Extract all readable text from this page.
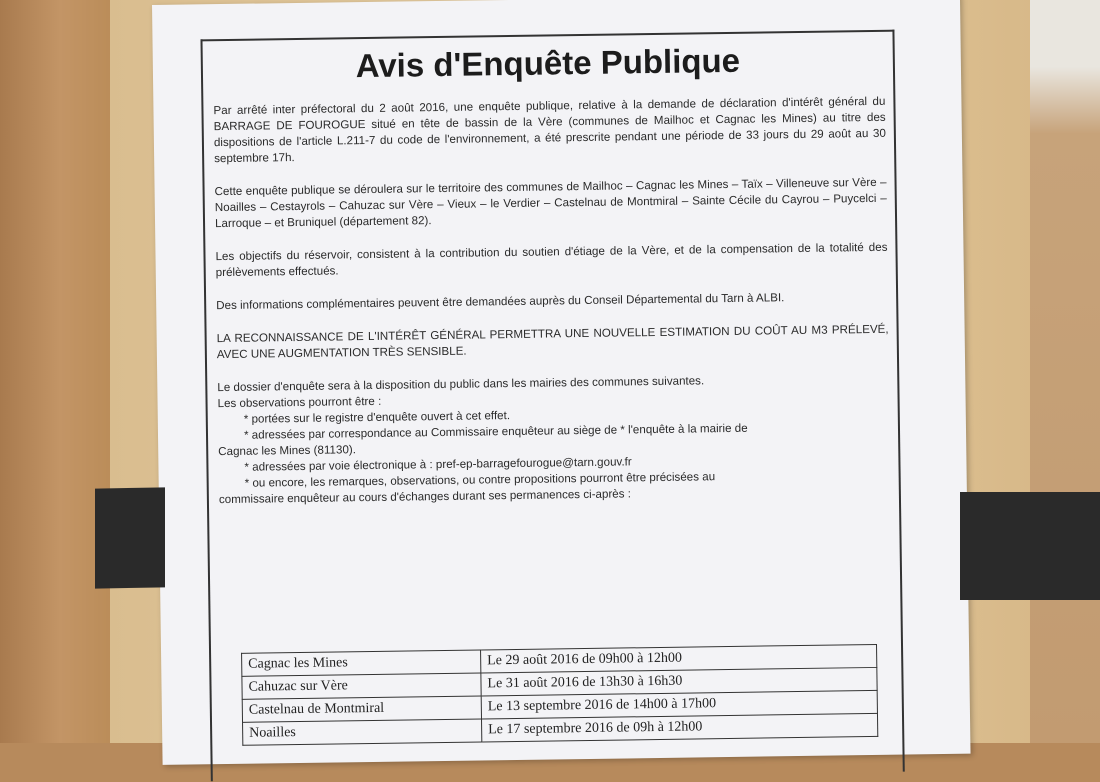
Avis d'Enquête Publique

Par arrêté inter préfectoral du 2 août 2016, une enquête publique, relative à la demande de déclaration d'intérêt général du BARRAGE DE FOUROGUE situé en tête de bassin de la Vère (communes de Mailhoc et Cagnac les Mines) au titre des dispositions de l'article L.211-7 du code de l'environnement, a été prescrite pendant une période de 33 jours du 29 août au 30 septembre 17h.

Cette enquête publique se déroulera sur le territoire des communes de Mailhoc – Cagnac les Mines – Taïx – Villeneuve sur Vère – Noailles – Cestayrols – Cahuzac sur Vère – Vieux – le Verdier – Castelnau de Montmiral – Sainte Cécile du Cayrou – Puycelci – Larroque – et Bruniquel (département 82).

Les objectifs du réservoir, consistent à la contribution du soutien d'étiage de la Vère, et de la compensation de la totalité des prélèvements effectués.

Des informations complémentaires peuvent être demandées auprès du Conseil Départemental du Tarn à ALBI.

LA RECONNAISSANCE DE L'INTÉRÊT GÉNÉRAL PERMETTRA UNE NOUVELLE ESTIMATION DU COÛT AU M3 PRÉLEVÉ, AVEC UNE AUGMENTATION TRÈS SENSIBLE.

Le dossier d'enquête sera à la disposition du public dans les mairies des communes suivantes.
Les observations pourront être :
* portées sur le registre d'enquête ouvert à cet effet.
* adressées par correspondance au Commissaire enquêteur au siège de * l'enquête à la mairie de
Cagnac les Mines (81130).
* adressées par voie électronique à : pref-ep-barragefourogue@tarn.gouv.fr
* ou encore, les remarques, observations, ou contre propositions pourront être précisées au
commissaire enquêteur au cours d'échanges durant ses permanences ci-après :
Cagnac les Mines	Le 29 août 2016 de 09h00 à 12h00
Cahuzac sur Vère	Le 31 août 2016 de 13h30 à 16h30
Castelnau de Montmiral	Le 13 septembre 2016 de 14h00 à 17h00
Noailles	Le 17 septembre 2016 de 09h à 12h00
